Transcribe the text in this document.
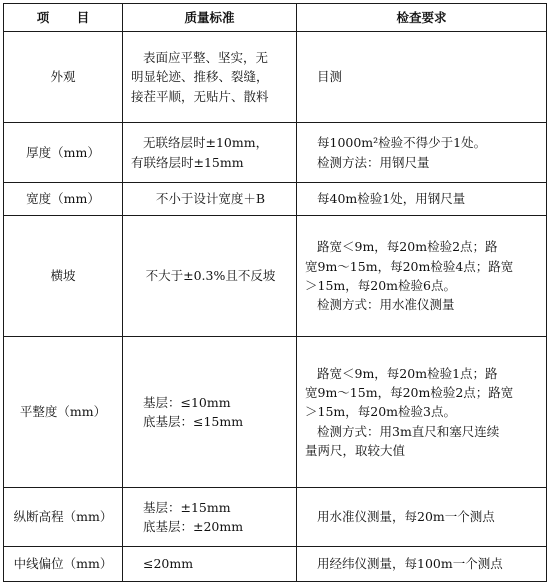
项目	质量标准	检查要求
外观	表面应平整、坚实，无
明显轮迹、推移、裂缝，
接茬平顺，无贴片、散料	目测

厚度（mm）	无联络层时±10mm，
有联络层时±15mm	每1000m²检验不得少于1处。
检测方法：用钢尺量

宽度（mm）	不小于设计宽度＋B	每40m检验1处，用钢尺量

横坡	不大于±0.3%且不反坡	路宽＜9m，每20m检验2点；路
宽9m～15m，每20m检验4点；路宽
＞15m，每20m检验6点。
检测方式：用水准仪测量

平整度（mm）	基层：≤10mm
底基层：≤15mm	路宽＜9m，每20m检验1点；路
宽9m～15m，每20m检验2点；路宽
＞15m，每20m检验3点。
检测方式：用3m直尺和塞尺连续
量两尺，取较大值

纵断高程（mm）	基层：±15mm
底基层：±20mm	用水准仪测量，每20m一个测点

中线偏位（mm）	≤20mm	用经纬仪测量，每100m一个测点
